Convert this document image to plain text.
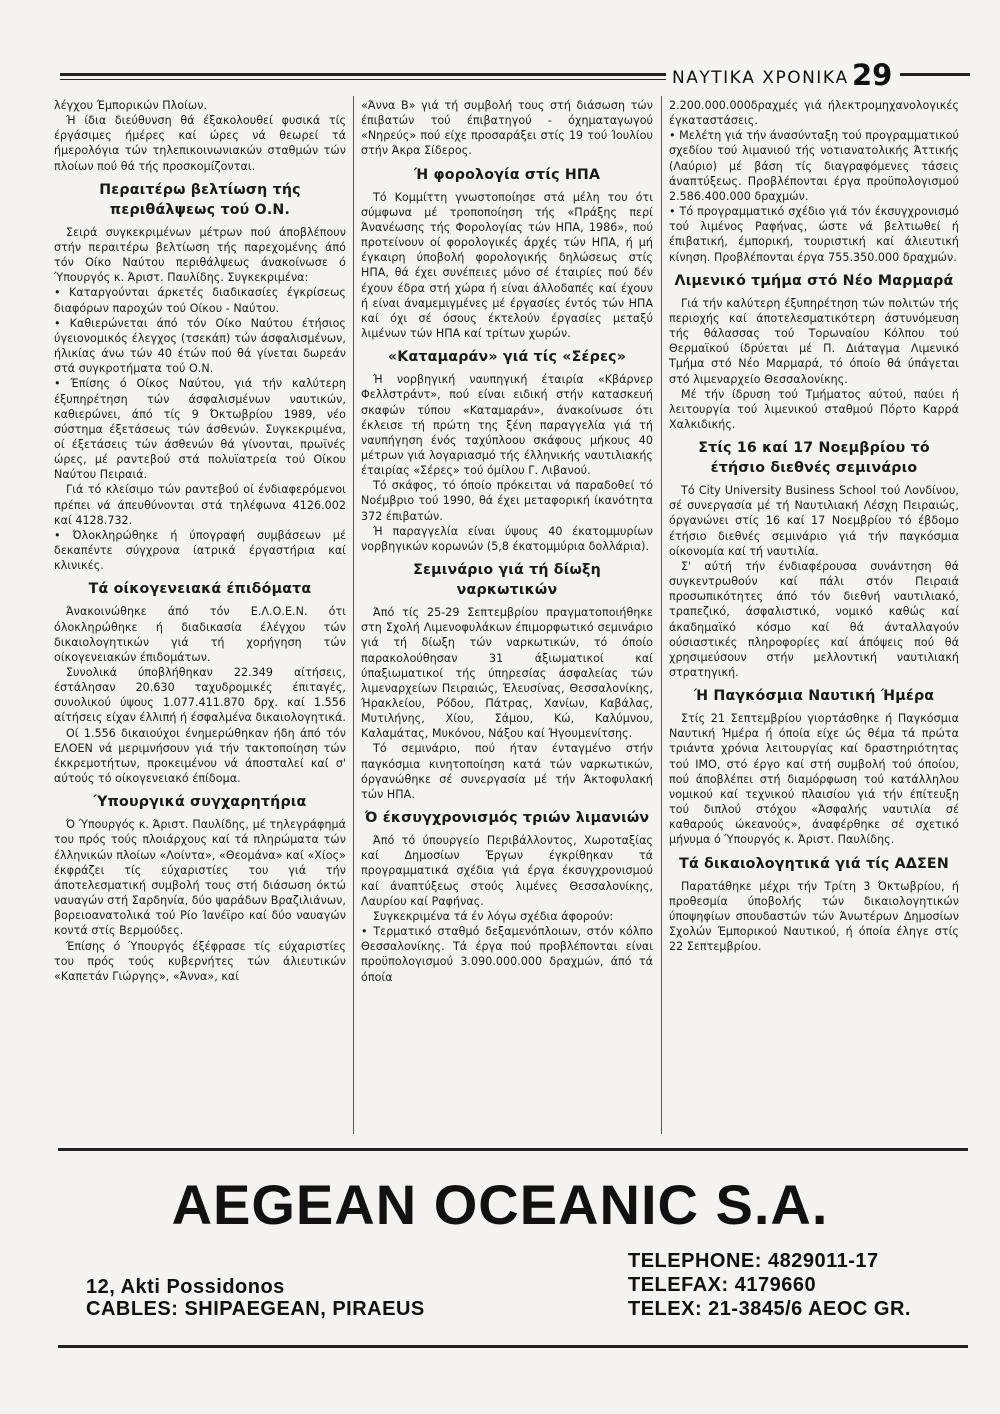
ΝΑΥΤΙΚΑ ΧΡΟΝΙΚΑ 29

λέγχου Έμπορικών Πλοίων.

Ή ίδια διεύθυνση θά έξακολουθεί φυσικά τίς έργάσιμες ήμέρες καί ώρες νά θεωρεί τά ήμερολόγια τών τηλεπικοινωνιακών σταθμών τών πλοίων πού θά τής προσκομίζονται.

Περαιτέρω βελτίωση τής περιθάλψεως τού Ο.Ν.

Σειρά συγκεκριμένων μέτρων πού άποβλέπουν στήν περαιτέρω βελτίωση τής παρεχομένης άπό τόν Οίκο Ναύτου περιθάλψεως άνακοίνωσε ό Ύπουργός κ. Άριστ. Παυλίδης. Συγκεκριμένα:

• Καταργούνται άρκετές διαδικασίες έγκρίσεως διαφόρων παροχών τού Οίκου - Ναύτου.

• Καθιερώνεται άπό τόν Οίκο Ναύτου έτήσιος ύγειονομικός έλεγχος (τσεκάπ) τών άσφαλισμένων, ήλικίας άνω τών 40 έτών πού θά γίνεται δωρεάν στά συγκροτήματα τού Ο.Ν.

• Έπίσης ό Οίκος Ναύτου, γιά τήν καλύτερη έξυπηρέτηση τών άσφαλισμένων ναυτικών, καθιερώνει, άπό τίς 9 Όκτωβρίου 1989, νέο σύστημα έξετάσεως τών άσθενών. Συγκεκριμένα, οί έξετάσεις τών άσθενών θά γίνονται, πρωϊνές ώρες, μέ ραντεβού στά πολυϊατρεία τού Οίκου Ναύτου Πειραιά.

Γιά τό κλείσιμο τών ραντεβού οί ένδιαφερόμενοι πρέπει νά άπευθύνονται στά τηλέφωνα 4126.002 καί 4128.732.

• Όλοκληρώθηκε ή ύπογραφή συμβάσεων μέ δεκαπέντε σύγχρονα ίατρικά έργαστήρια καί κλινικές.

Τά οίκογενειακά έπιδόματα

Άνακοινώθηκε άπό τόν Ε.Λ.Ο.Ε.Ν. ότι όλοκληρώθηκε ή διαδικασία έλέγχου τών δικαιολογητικών γιά τή χορήγηση τών οίκογενειακών έπιδομάτων.

Συνολικά ύποβλήθηκαν 22.349 αίτήσεις, έστάλησαν 20.630 ταχυδρομικές έπιταγές, συνολικού ύψους 1.077.411.870 δρχ. καί 1.556 αίτήσεις είχαν έλλιπή ή έσφαλμένα δικαιολογητικά.

Οί 1.556 δικαιούχοι ένημερώθηκαν ήδη άπό τόν ΕΛΟΕΝ νά μεριμνήσουν γιά τήν τακτοποίηση τών έκκρεμοτήτων, προκειμένου νά άποσταλεί καί σ' αύτούς τό οίκογενειακό έπίδομα.

Ύπουργικά συγχαρητήρια

Ό Ύπουργός κ. Άριστ. Παυλίδης, μέ τηλεγράφημά του πρός τούς πλοιάρχους καί τά πληρώματα τών έλληνικών πλοίων «Λοίντα», «Θεομάνα» καί «Χίος» έκφράζει τίς εύχαριστίες του γιά τήν άποτελεσματική συμβολή τους στή διάσωση όκτώ ναυαγών στή Σαρδηνία, δύο ψαράδων Βραζιλιάνων, βορειοανατολικά τού Ρίο Ίανέϊρο καί δύο ναυαγών κοντά στίς Βερμούδες.

Έπίσης ό Ύπουργός έξέφρασε τίς εύχαριστίες του πρός τούς κυβερνήτες τών άλιευτικών «Καπετάν Γιώργης», «Άννα», καί

«Άννα Β» γιά τή συμβολή τους στή διάσωση τών έπιβατών τού έπιβατηγού - όχηματαγωγού «Νηρεύς» πού είχε προσαράξει στίς 19 τού Ίουλίου στήν Άκρα Σίδερος.

Ή φορολογία στίς ΗΠΑ

Τό Κομμίττη γνωστοποίησε στά μέλη του ότι σύμφωνα μέ τροποποίηση τής «Πράξης περί Άνανέωσης τής Φορολογίας τών ΗΠΑ, 1986», πού προτείνουν οί φορολογικές άρχές τών ΗΠΑ, ή μή έγκαιρη ύποβολή φορολογικής δηλώσεως στίς ΗΠΑ, θά έχει συνέπειες μόνο σέ έταιρίες πού δέν έχουν έδρα στή χώρα ή είναι άλλοδαπές καί έχουν ή είναι άναμεμιγμένες μέ έργασίες έντός τών ΗΠΑ καί όχι σέ όσους έκτελούν έργασίες μεταξύ λιμένων τών ΗΠΑ καί τρίτων χωρών.

«Καταμαράν» γιά τίς «Σέρες»

Ή νορβηγική ναυπηγική έταιρία «Κβάρνερ Φελλστράντ», πού είναι ειδική στήν κατασκευή σκαφών τύπου «Καταμαράν», άνακοίνωσε ότι έκλεισε τή πρώτη της ξένη παραγγελία γιά τή ναυπήγηση ένός ταχύπλοου σκάφους μήκους 40 μέτρων γιά λογαριασμό τής έλληνικής ναυτιλιακής έταιρίας «Σέρες» τού όμίλου Γ. Λιβανού.

Τό σκάφος, τό όποίο πρόκειται νά παραδοθεί τό Νοέμβριο τού 1990, θά έχει μεταφορική ίκανότητα 372 έπιβατών.

Ή παραγγελία είναι ύψους 40 έκατομμυρίων νορβηγικών κορωνών (5,8 έκατομμύρια δολλάρια).

Σεμινάριο γιά τή δίωξη ναρκωτικών

Άπό τίς 25-29 Σεπτεμβρίου πραγματοποιήθηκε στη Σχολή Λιμενοφυλάκων έπιμορφωτικό σεμινάριο γιά τή δίωξη τών ναρκωτικών, τό όποίο παρακολούθησαν 31 άξιωματικοί καί ύπαξιωματικοί τής ύπηρεσίας άσφαλείας τών λιμεναρχείων Πειραιώς, Έλευσίνας, Θεσσαλονίκης, Ήρακλείου, Ρόδου, Πάτρας, Χανίων, Καβάλας, Μυτιλήνης, Χίου, Σάμου, Κώ, Καλύμνου, Καλαμάτας, Μυκόνου, Νάξου καί Ήγουμενίτσης.

Τό σεμινάριο, πού ήταν ένταγμένο στήν παγκόσμια κινητοποίηση κατά τών ναρκωτικών, όργανώθηκε σέ συνεργασία μέ τήν Άκτοφυλακή τών ΗΠΑ.

Ό έκσυγχρονισμός τριών λιμανιών

Άπό τό ύπουργείο Περιβάλλοντος, Χωροταξίας καί Δημοσίων Έργων έγκρίθηκαν τά προγραμματικά σχέδια γιά έργα έκσυγχρονισμού καί άναπτύξεως στούς λιμένες Θεσσαλονίκης, Λαυρίου καί Ραφήνας.

Συγκεκριμένα τά έν λόγω σχέδια άφορούν:

• Τερματικό σταθμό δεξαμενόπλοιων, στόν κόλπο Θεσσαλονίκης. Τά έργα πού προβλέπονται είναι προϋπολογισμού 3.090.000.000 δραχμών, άπό τά όποία

2.200.000.000δραχμές γιά ήλεκτρομηχανολογικές έγκαταστάσεις.

• Μελέτη γιά τήν άνασύνταξη τού προγραμματικού σχεδίου τού λιμανιού τής νοτιανατολικής Άττικής (Λαύριο) μέ βάση τίς διαγραφόμενες τάσεις άναπτύξεως. Προβλέπονται έργα προϋπολογισμού 2.586.400.000 δραχμών.

• Τό προγραμματικό σχέδιο γιά τόν έκσυγχρονισμό τού λιμένος Ραφήνας, ώστε νά βελτιωθεί ή έπιβατική, έμπορική, τουριστική καί άλιευτική κίνηση. Προβλέπονται έργα 755.350.000 δραχμών.

Λιμενικό τμήμα στό Νέο Μαρμαρά

Γιά τήν καλύτερη έξυπηρέτηση τών πολιτών τής περιοχής καί άποτελεσματικότερη άστυνόμευση τής θάλασσας τού Τορωναίου Κόλπου τού Θερμαϊκού ίδρύεται μέ Π. Διάταγμα Λιμενικό Τμήμα στό Νέο Μαρμαρά, τό όποίο θά ύπάγεται στό λιμεναρχείο Θεσσαλονίκης.

Μέ τήν ίδρυση τού Τμήματος αύτού, παύει ή λειτουργία τού λιμενικού σταθμού Πόρτο Καρρά Χαλκιδικής.

Στίς 16 καί 17 Νοεμβρίου τό έτήσιο διεθνές σεμινάριο

Τό City University Business School τού Λονδίνου, σέ συνεργασία μέ τή Ναυτιλιακή Λέσχη Πειραιώς, όργανώνει στίς 16 καί 17 Νοεμβρίου τό έβδομο έτήσιο διεθνές σεμινάριο γιά τήν παγκόσμια οίκονομία καί τή ναυτιλία.

Σ' αύτή τήν ένδιαφέρουσα συνάντηση θά συγκεντρωθούν καί πάλι στόν Πειραιά προσωπικότητες άπό τόν διεθνή ναυτιλιακό, τραπεζικό, άσφαλιστικό, νομικό καθώς καί άκαδημαϊκό κόσμο καί θά άνταλλαγούν ούσιαστικές πληροφορίες καί άπόψεις πού θά χρησιμεύσουν στήν μελλοντική ναυτιλιακή στρατηγική.

Ή Παγκόσμια Ναυτική Ήμέρα

Στίς 21 Σεπτεμβρίου γιορτάσθηκε ή Παγκόσμια Ναυτική Ήμέρα ή όποία είχε ώς θέμα τά πρώτα τριάντα χρόνια λειτουργίας καί δραστηριότητας τού ΙΜΟ, στό έργο καί στή συμβολή τού όποίου, πού άποβλέπει στή διαμόρφωση τού κατάλληλου νομικού καί τεχνικού πλαισίου γιά τήν έπίτευξη τού διπλού στόχου «Άσφαλής ναυτιλία σέ καθαρούς ώκεανούς», άναφέρθηκε σέ σχετικό μήνυμα ό Ύπουργός κ. Άριστ. Παυλίδης.

Τά δικαιολογητικά γιά τίς ΑΔΣΕΝ

Παρατάθηκε μέχρι τήν Τρίτη 3 Όκτωβρίου, ή προθεσμία ύποβολής τών δικαιολογητικών ύποψηφίων σπουδαστών τών Άνωτέρων Δημοσίων Σχολών Έμπορικού Ναυτικού, ή όποία έληγε στίς 22 Σεπτεμβρίου.

AEGEAN OCEANIC S.A.
TELEPHONE: 4829011-17
12, Akti Possidonos	TELEFAX: 4179660
CABLES: SHIPAEGEAN, PIRAEUS	TELEX: 21-3845/6 AEOC GR.
